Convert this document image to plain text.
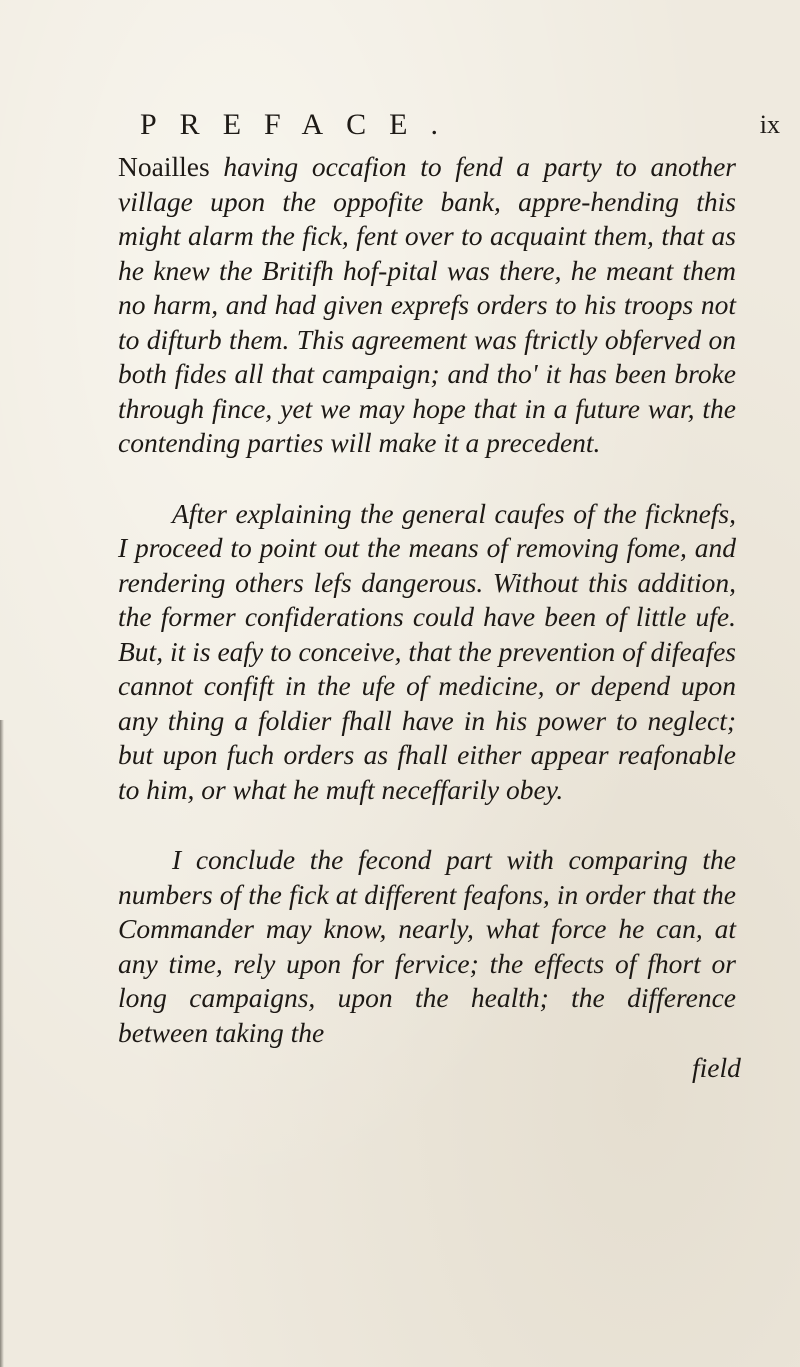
PREFACE.	ix

Noailles having occafion to fend a party to another village upon the oppofite bank, appre-hending this might alarm the fick, fent over to acquaint them, that as he knew the Britifh hof-pital was there, he meant them no harm, and had given exprefs orders to his troops not to difturb them. This agreement was ftrictly obferved on both fides all that campaign; and tho' it has been broke through fince, yet we may hope that in a future war, the contending parties will make it a precedent.

After explaining the general caufes of the ficknefs, I proceed to point out the means of removing fome, and rendering others lefs dangerous. Without this addition, the former confiderations could have been of little ufe. But, it is eafy to conceive, that the prevention of difeafes cannot confift in the ufe of medicine, or depend upon any thing a foldier fhall have in his power to neglect; but upon fuch orders as fhall either appear reafonable to him, or what he muft neceffarily obey.

I conclude the fecond part with comparing the numbers of the fick at different feafons, in order that the Commander may know, nearly, what force he can, at any time, rely upon for fervice; the effects of fhort or long campaigns, upon the health; the difference between taking the

field
